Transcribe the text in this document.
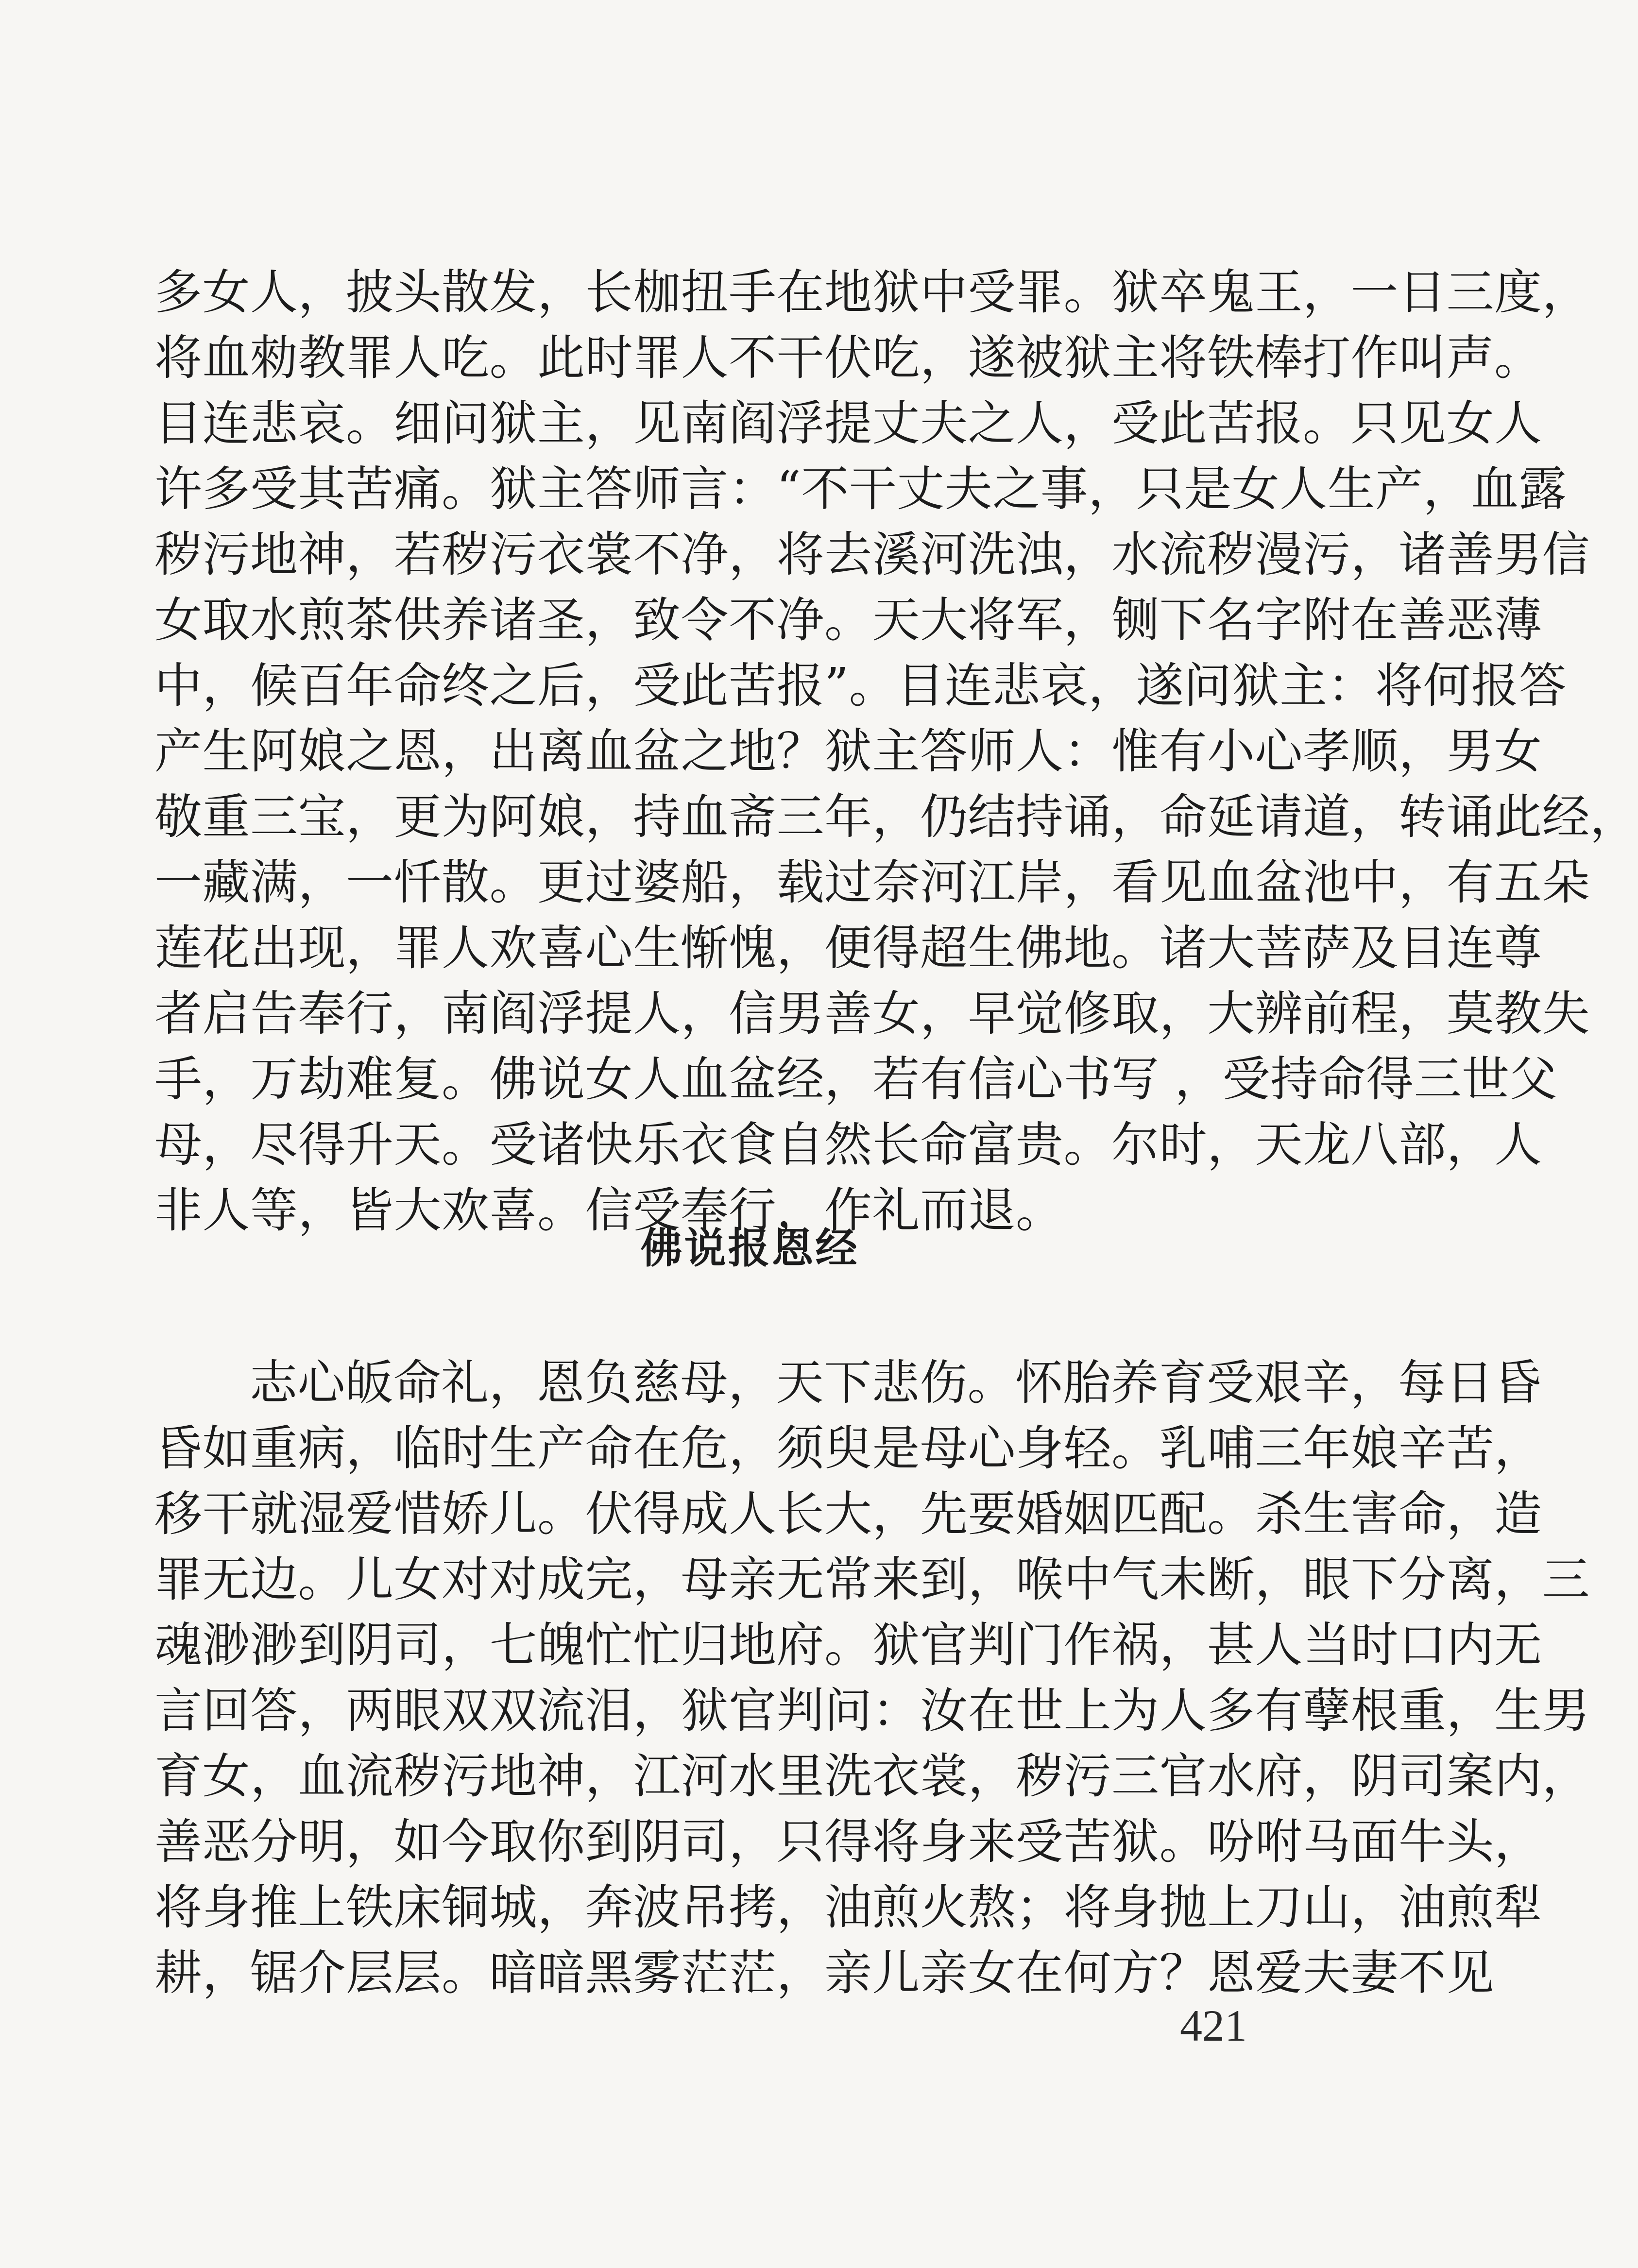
多女人，披头散发，长枷扭手在地狱中受罪。狱卒鬼王，一日三度，
将血勑教罪人吃。此时罪人不干伏吃，遂被狱主将铁棒打作叫声。
目连悲哀。细问狱主，见南阎浮提丈夫之人，受此苦报。只见女人
许多受其苦痛。狱主答师言：“不干丈夫之事，只是女人生产，血露
秽污地神，若秽污衣裳不净，将去溪河洗浊，水流秽漫污，诸善男信
女取水煎茶供养诸圣，致令不净。天大将军，铡下名字附在善恶薄
中，候百年命终之后，受此苦报”。目连悲哀，遂问狱主：将何报答
产生阿娘之恩，出离血盆之地？狱主答师人：惟有小心孝顺，男女
敬重三宝，更为阿娘，持血斋三年，仍结持诵，命延请道，转诵此经，
一藏满，一忏散。更过婆船，载过奈河江岸，看见血盆池中，有五朵
莲花出现，罪人欢喜心生惭愧，便得超生佛地。诸大菩萨及目连尊
者启告奉行，南阎浮提人，信男善女，早觉修取，大辨前程，莫教失
手，万劫难复。佛说女人血盆经，若有信心书写 ，受持命得三世父
母，尽得升天。受诸快乐衣食自然长命富贵。尔时，天龙八部，人
非人等，皆大欢喜。信受奉行，作礼而退。
佛说报恩经
志心皈命礼，恩负慈母，天下悲伤。怀胎养育受艰辛，每日昏
昏如重病，临时生产命在危，须臾是母心身轻。乳哺三年娘辛苦，
移干就湿爱惜娇儿。伏得成人长大，先要婚姻匹配。杀生害命，造
罪无边。儿女对对成完，母亲无常来到，喉中气未断，眼下分离，三
魂渺渺到阴司，七魄忙忙归地府。狱官判门作祸，甚人当时口内无
言回答，两眼双双流泪，狱官判问：汝在世上为人多有孽根重，生男
育女，血流秽污地神，江河水里洗衣裳，秽污三官水府，阴司案内，
善恶分明，如今取你到阴司，只得将身来受苦狱。吩咐马面牛头，
将身推上铁床铜城，奔波吊拷，油煎火熬；将身抛上刀山，油煎犁
耕，锯介层层。暗暗黑雾茫茫，亲儿亲女在何方？恩爱夫妻不见
421
